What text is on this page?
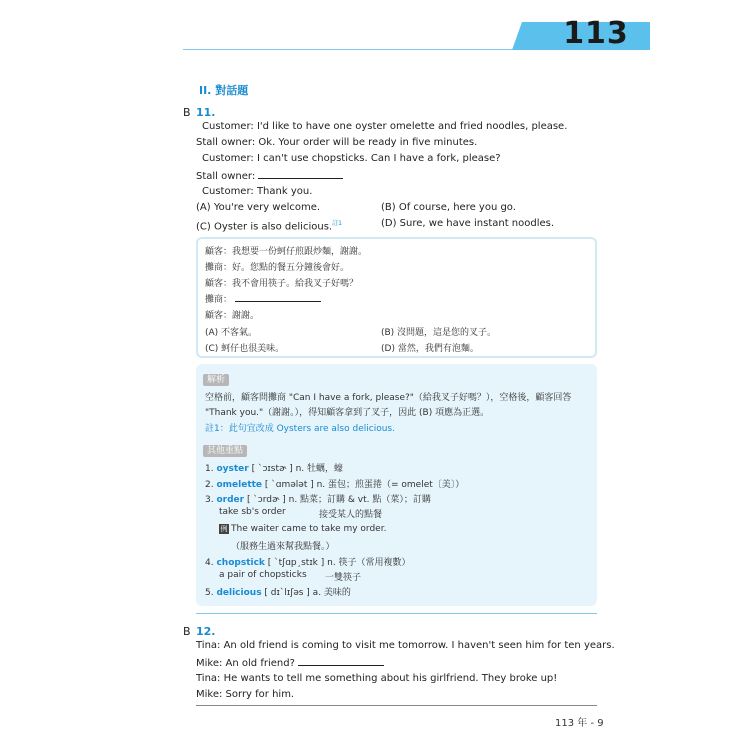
113
II. 對話題
B 11.
Customer: I'd like to have one oyster omelette and fried noodles, please.
Stall owner: Ok. Your order will be ready in five minutes.
Customer: I can't use chopsticks. Can I have a fork, please?
Stall owner:
Customer: Thank you.
(A) You're very welcome.	(B) Of course, here you go.
(C) Oyster is also delicious.$^{註1}$	(D) Sure, we have instant noodles.
顧客：我想要一份蚵仔煎跟炒麵，謝謝。
攤商：好。您點的餐五分鐘後會好。
顧客：我不會用筷子。給我叉子好嗎？
攤商：
顧客：謝謝。
(A) 不客氣。	(B) 沒問題，這是您的叉子。
(C) 蚵仔也很美味。	(D) 當然，我們有泡麵。
解析
空格前，顧客問攤商 "Can I have a fork, please?"（給我叉子好嗎？），空格後，顧客回答
"Thank you."（謝謝。），得知顧客拿到了叉子，因此 (B) 項應為正選。
註1：此句宜改成 Oysters are also delicious.
其他重點
1. oyster [ ˋɔɪstɚ ] n. 牡蠣，蠔
2. omelette [ ˋɑmələt ] n. 蛋包；煎蛋捲（= omelet〔美〕）
3. order [ ˋɔrdɚ ] n. 點菜；訂購 & vt. 點（菜）；訂購
take sb's order	接受某人的點餐
例 The waiter came to take my order.
（服務生過來幫我點餐。）
4. chopstick [ ˋtʃɑpˏstɪk ] n. 筷子（常用複數）
a pair of chopsticks 一雙筷子
5. delicious [ dɪˋlɪʃəs ] a. 美味的
B 12.
Tina: An old friend is coming to visit me tomorrow. I haven't seen him for ten years.
Mike: An old friend?
Tina: He wants to tell me something about his girlfriend. They broke up!
Mike: Sorry for him.
113 年 - 9
